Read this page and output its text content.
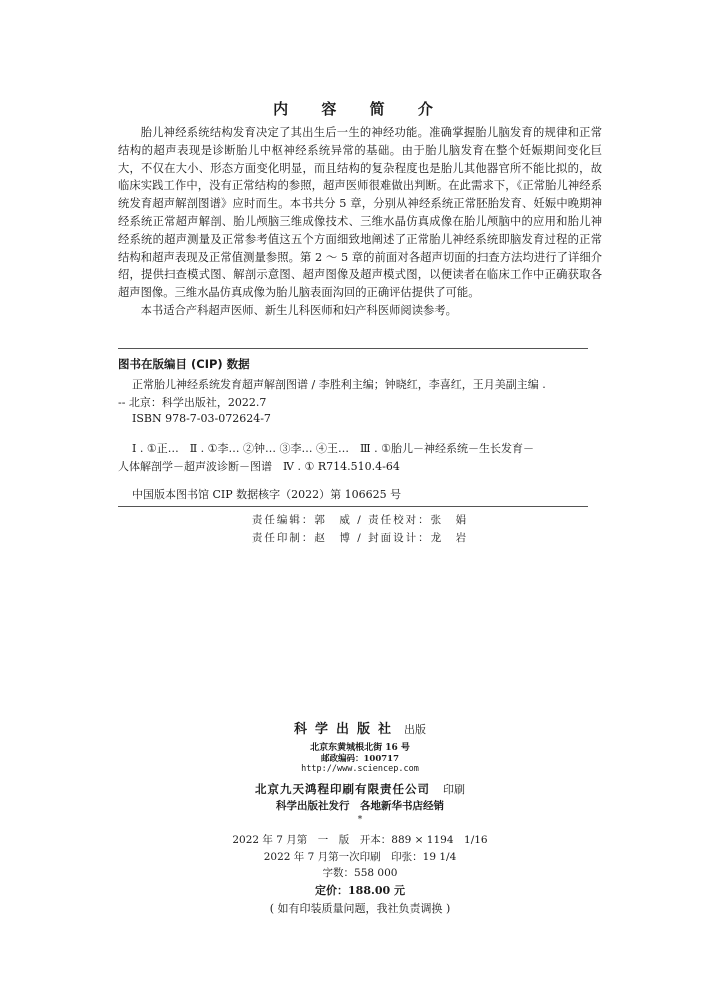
内 容 简 介

胎儿神经系统结构发育决定了其出生后一生的神经功能。准确掌握胎儿脑发育的规律和正常结构的超声表现是诊断胎儿中枢神经系统异常的基础。由于胎儿脑发育在整个妊娠期间变化巨大，不仅在大小、形态方面变化明显，而且结构的复杂程度也是胎儿其他器官所不能比拟的，故临床实践工作中，没有正常结构的参照，超声医师很难做出判断。在此需求下，《正常胎儿神经系统发育超声解剖图谱》应时而生。本书共分 5 章，分别从神经系统正常胚胎发育、妊娠中晚期神经系统正常超声解剖、胎儿颅脑三维成像技术、三维水晶仿真成像在胎儿颅脑中的应用和胎儿神经系统的超声测量及正常参考值这五个方面细致地阐述了正常胎儿神经系统即脑发育过程的正常结构和超声表现及正常值测量参照。第 2 ～ 5 章的前面对各超声切面的扫查方法均进行了详细介绍，提供扫查模式图、解剖示意图、超声图像及超声模式图，以便读者在临床工作中正确获取各超声图像。三维水晶仿真成像为胎儿脑表面沟回的正确评估提供了可能。

本书适合产科超声医师、新生儿科医师和妇产科医师阅读参考。

图书在版编目 (CIP) 数据
正常胎儿神经系统发育超声解剖图谱 / 李胜利主编；钟晓红，李喜红，王月美副主编 .
-- 北京：科学出版社，2022.7
ISBN 978-7-03-072624-7
Ⅰ . ①正…　Ⅱ . ①李… ②钟… ③李… ④王…　Ⅲ . ①胎儿－神经系统－生长发育－
人体解剖学－超声波诊断－图谱　Ⅳ . ① R714.510.4-64
中国版本图书馆 CIP 数据核字（2022）第 106625 号
责任编辑：郭　威 / 责任校对：张　娟
责任印制：赵　博 / 封面设计：龙　岩
科学出版社 出版
北京东黄城根北街 16 号
邮政编码：100717
http://www.sciencep.com
北京九天鸿程印刷有限责任公司 印刷
科学出版社发行　各地新华书店经销
*
2022 年 7 月第　一　版　开本：889 × 1194　1/16
2022 年 7 月第一次印刷　印张：19 1/4
字数：558 000
定价：188.00 元
( 如有印装质量问题，我社负责调换 )
